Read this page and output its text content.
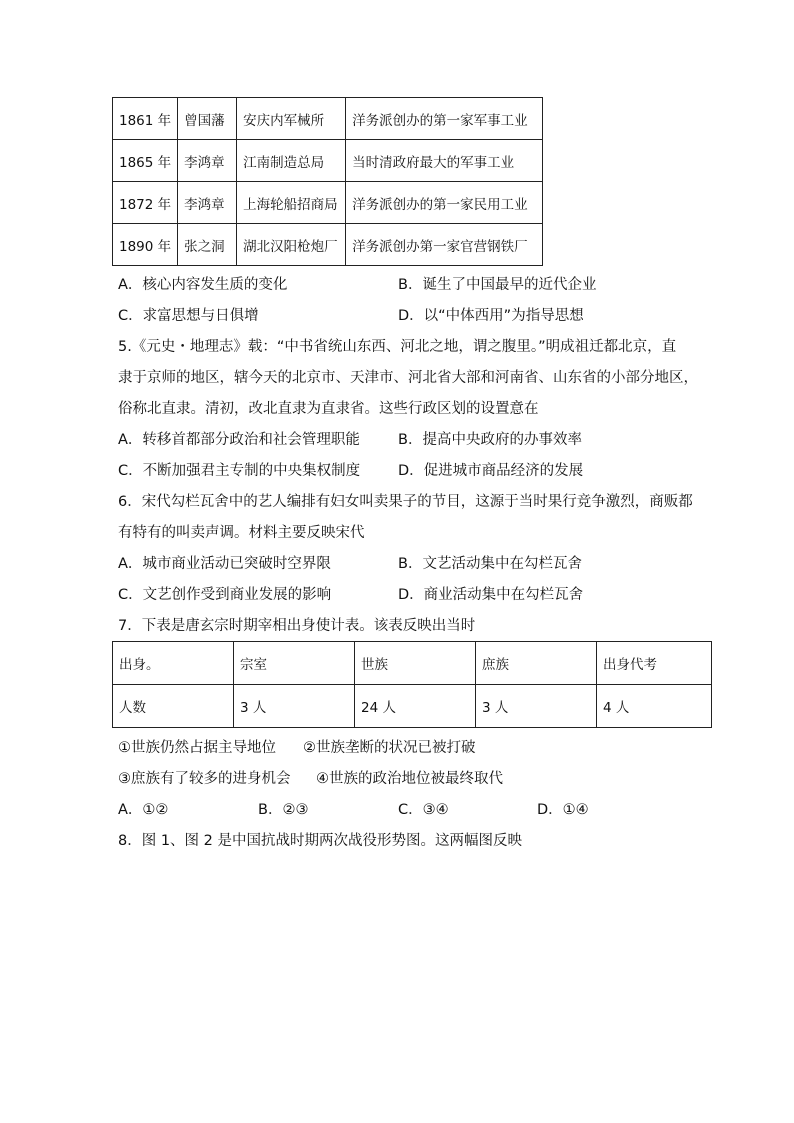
1861 年	曾国藩	安庆内军械所	洋务派创办的第一家军事工业
1865 年	李鸿章	江南制造总局	当时清政府最大的军事工业
1872 年	李鸿章	上海轮船招商局	洋务派创办的第一家民用工业
1890 年	张之洞	湖北汉阳枪炮厂	洋务派创办第一家官营钢铁厂
A．核心内容发生质的变化	B．诞生了中国最早的近代企业
C．求富思想与日俱增	D．以“中体西用”为指导思想
5.《元史・地理志》载：“中书省统山东西、河北之地，谓之腹里。”明成祖迁都北京，直
隶于京师的地区，辖今天的北京市、天津市、河北省大部和河南省、山东省的小部分地区，
俗称北直隶。清初，改北直隶为直隶省。这些行政区划的设置意在
A．转移首都部分政治和社会管理职能	B．提高中央政府的办事效率
C．不断加强君主专制的中央集权制度	D．促进城市商品经济的发展
6．宋代勾栏瓦舍中的艺人编排有妇女叫卖果子的节目，这源于当时果行竞争激烈，商贩都
有特有的叫卖声调。材料主要反映宋代
A．城市商业活动已突破时空界限	B．文艺活动集中在勾栏瓦舍
C．文艺创作受到商业发展的影响	D．商业活动集中在勾栏瓦舍
7．下表是唐玄宗时期宰相出身使计表。该表反映出当时
出身。	宗室	世族	庶族	出身代考
人数	3 人	24 人	3 人	4 人
①世族仍然占据主导地位 ②世族垄断的状况已被打破
③庶族有了较多的进身机会 ④世族的政治地位被最终取代
A．①②	B．②③	C．③④	D．①④
8．图 1、图 2 是中国抗战时期两次战役形势图。这两幅图反映
